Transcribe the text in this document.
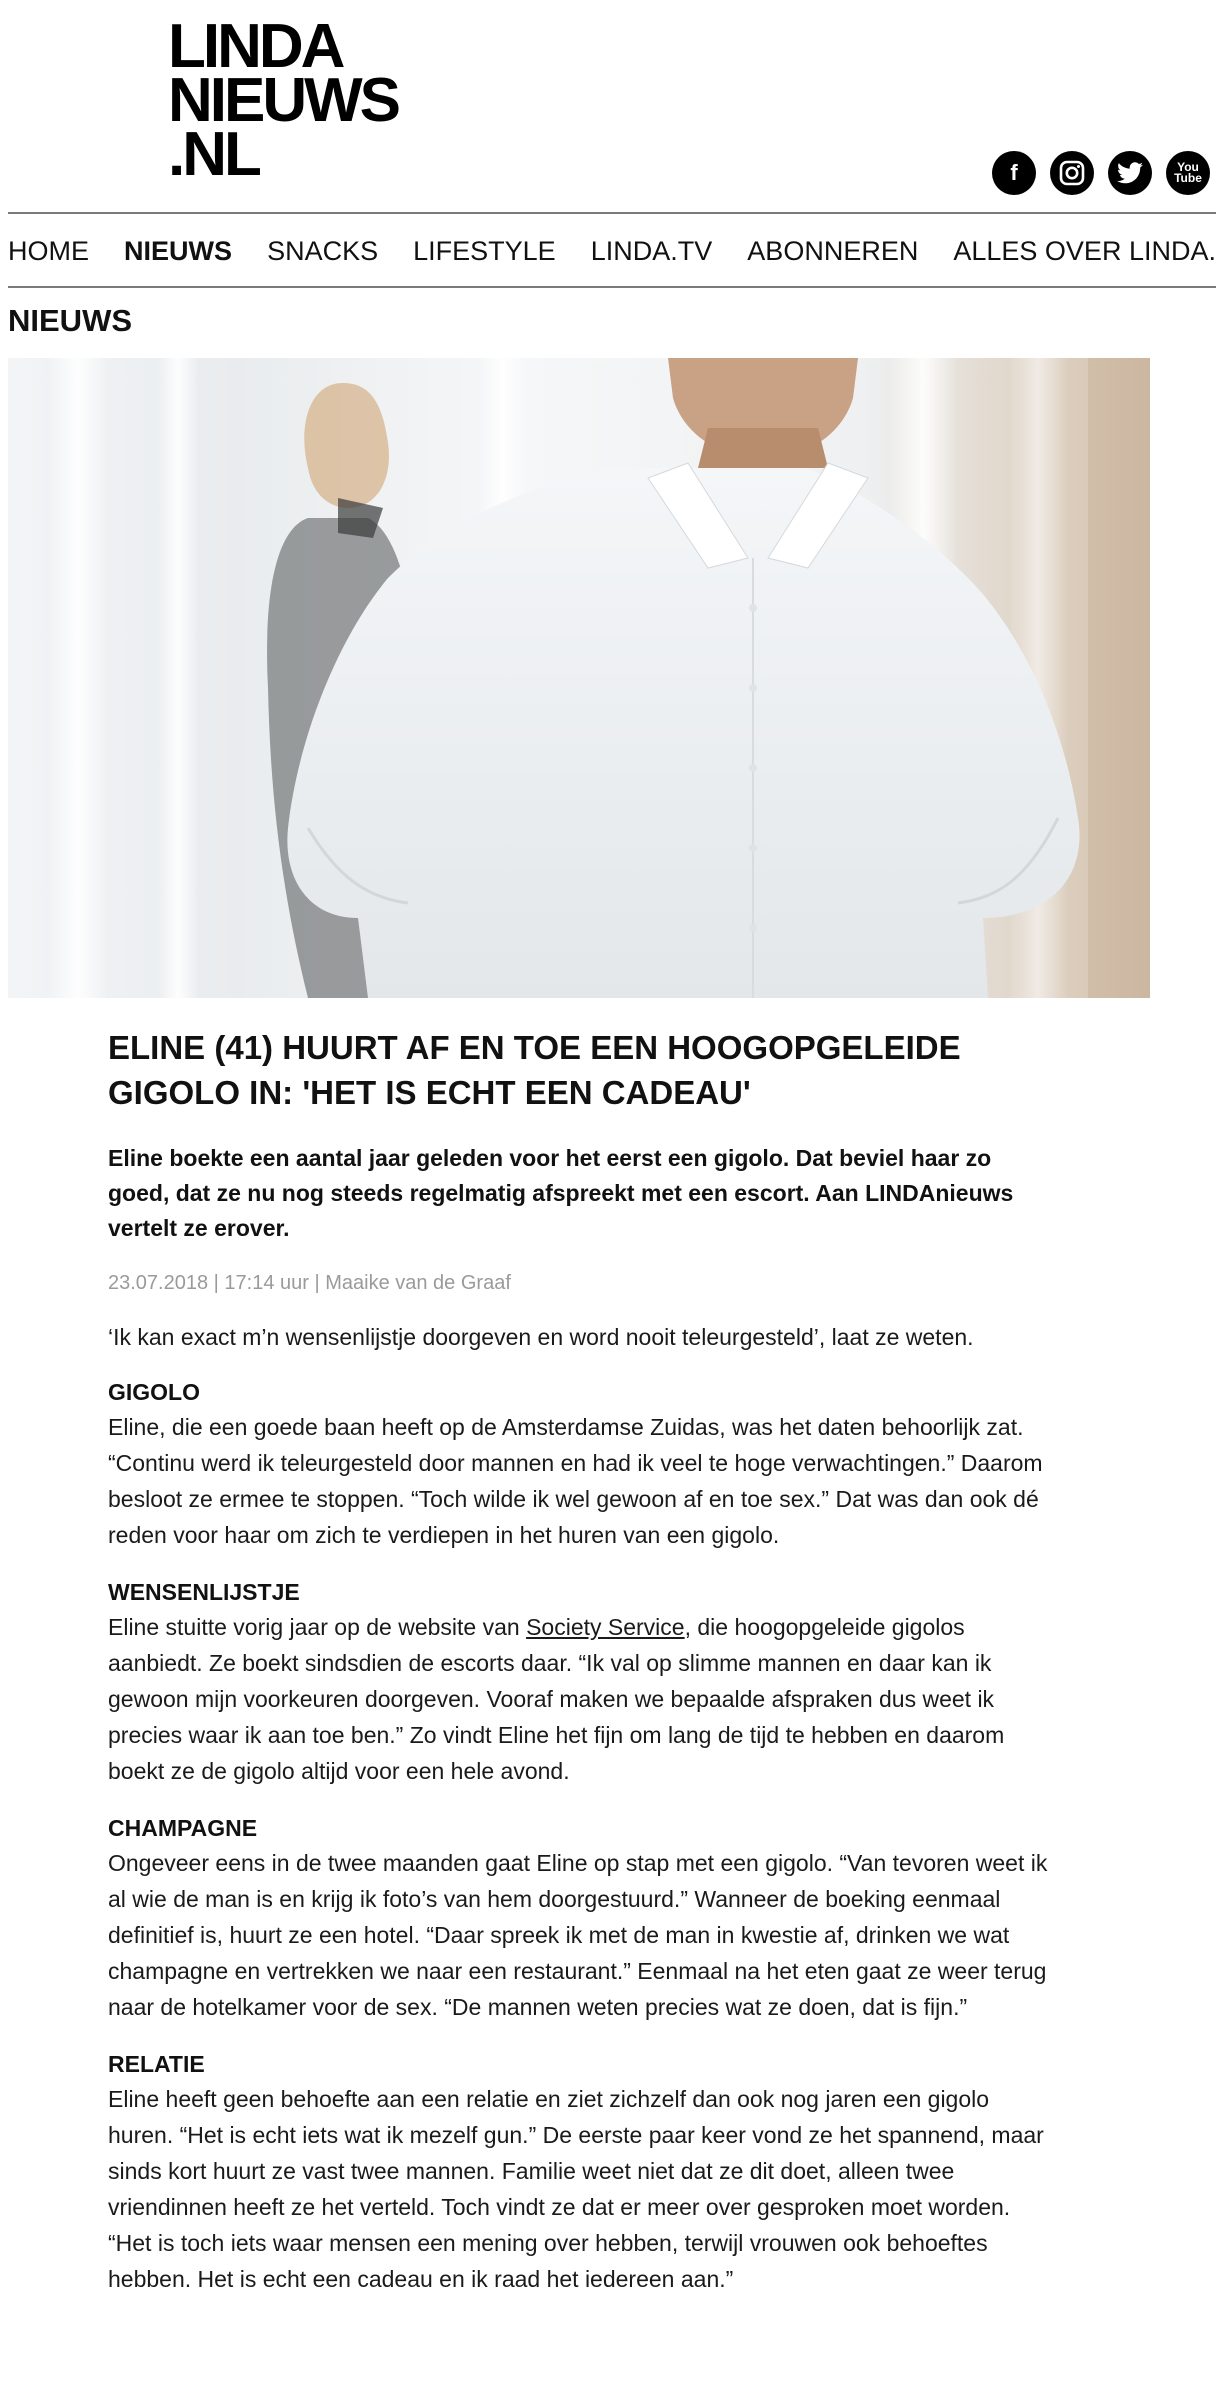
LINDA
NIEUWS
.NL	f	You
Tube
HOME NIEUWS SNACKS LIFESTYLE LINDA.TV ABONNEREN ALLES OVER LINDA.
NIEUWS
ELINE (41) HUURT AF EN TOE EEN HOOGOPGELEIDE GIGOLO IN: 'HET IS ECHT EEN CADEAU'

Eline boekte een aantal jaar geleden voor het eerst een gigolo. Dat beviel haar zo goed, dat ze nu nog steeds regelmatig afspreekt met een escort. Aan LINDAnieuws vertelt ze erover.

23.07.2018 | 17:14 uur | Maaike van de Graaf

‘Ik kan exact m’n wensenlijstje doorgeven en word nooit teleurgesteld’, laat ze weten.

GIGOLO

Eline, die een goede baan heeft op de Amsterdamse Zuidas, was het daten behoorlijk zat. “Continu werd ik teleurgesteld door mannen en had ik veel te hoge verwachtingen.” Daarom besloot ze ermee te stoppen. “Toch wilde ik wel gewoon af en toe sex.” Dat was dan ook dé reden voor haar om zich te verdiepen in het huren van een gigolo.

WENSENLIJSTJE

Eline stuitte vorig jaar op de website van Society Service, die hoogopgeleide gigolos aanbiedt. Ze boekt sindsdien de escorts daar. “Ik val op slimme mannen en daar kan ik gewoon mijn voorkeuren doorgeven. Vooraf maken we bepaalde afspraken dus weet ik precies waar ik aan toe ben.” Zo vindt Eline het fijn om lang de tijd te hebben en daarom boekt ze de gigolo altijd voor een hele avond.

CHAMPAGNE

Ongeveer eens in de twee maanden gaat Eline op stap met een gigolo. “Van tevoren weet ik al wie de man is en krijg ik foto’s van hem doorgestuurd.” Wanneer de boeking eenmaal definitief is, huurt ze een hotel. “Daar spreek ik met de man in kwestie af, drinken we wat champagne en vertrekken we naar een restaurant.” Eenmaal na het eten gaat ze weer terug naar de hotelkamer voor de sex. “De mannen weten precies wat ze doen, dat is fijn.”

RELATIE

Eline heeft geen behoefte aan een relatie en ziet zichzelf dan ook nog jaren een gigolo huren. “Het is echt iets wat ik mezelf gun.” De eerste paar keer vond ze het spannend, maar sinds kort huurt ze vast twee mannen. Familie weet niet dat ze dit doet, alleen twee vriendinnen heeft ze het verteld. Toch vindt ze dat er meer over gesproken moet worden. “Het is toch iets waar mensen een mening over hebben, terwijl vrouwen ook behoeftes hebben. Het is echt een cadeau en ik raad het iedereen aan.”
